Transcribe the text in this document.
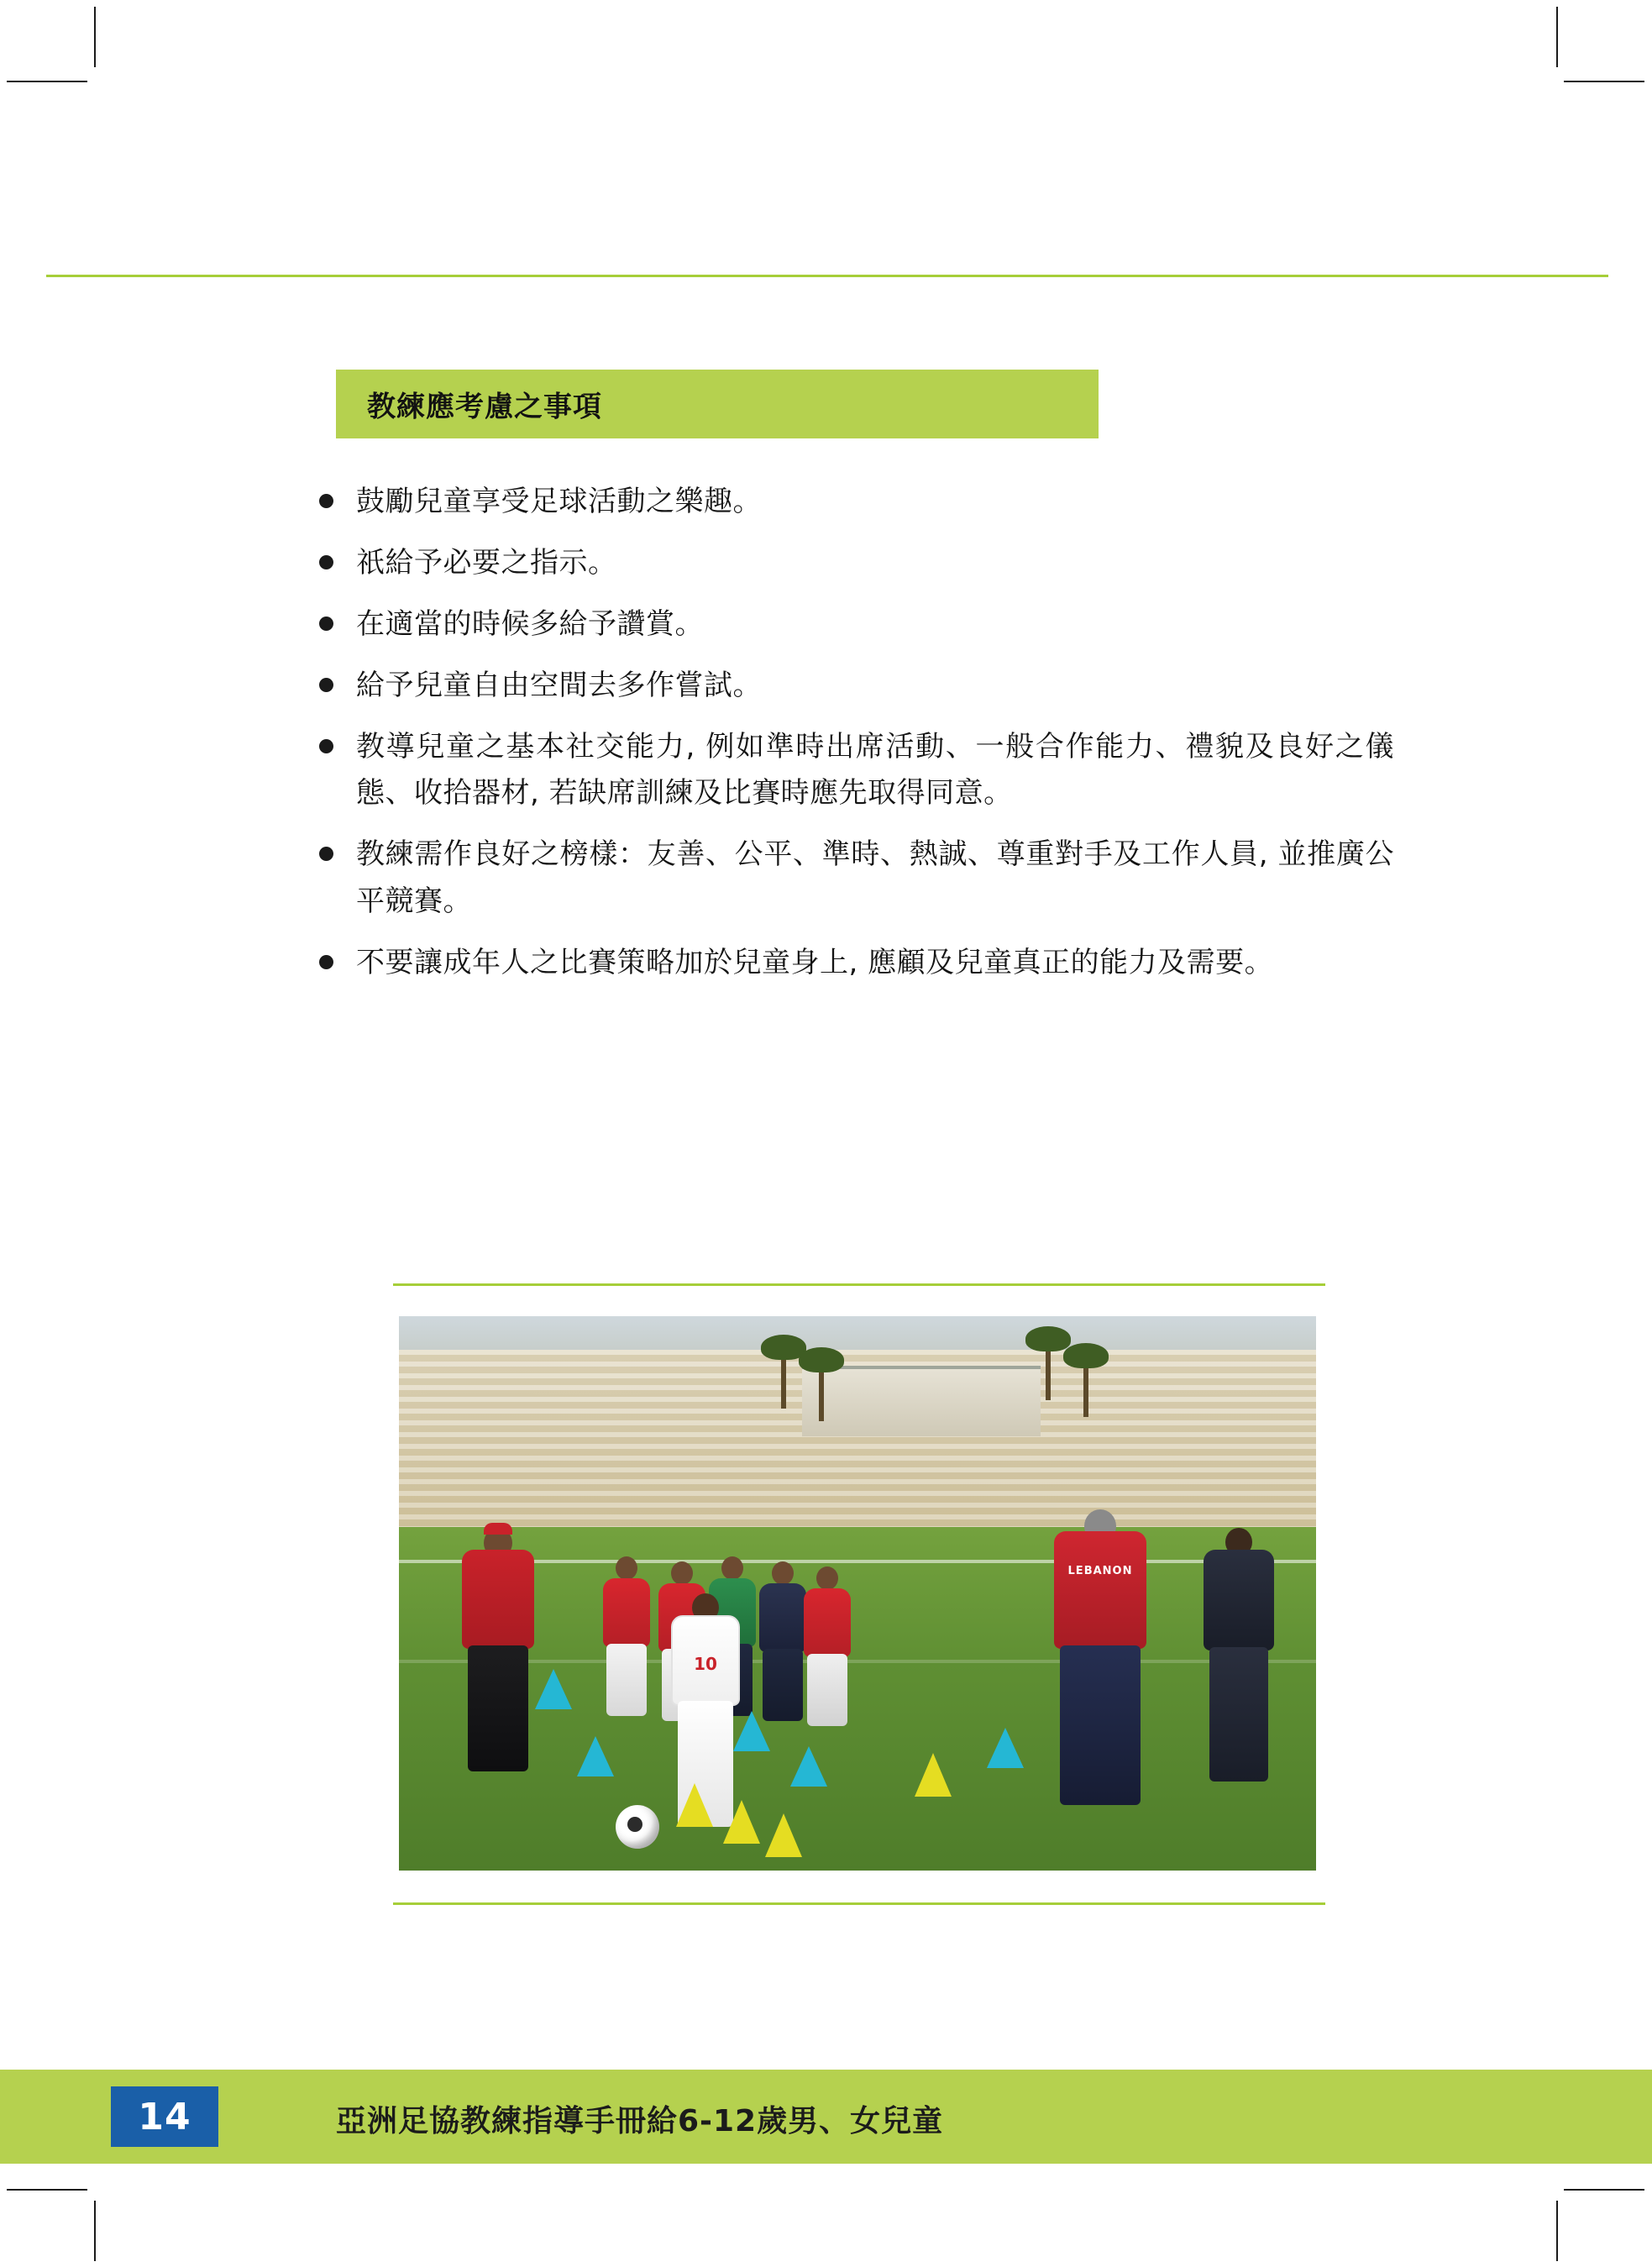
教練應考慮之事項
鼓勵兒童享受足球活動之樂趣。
祇給予必要之指示。
在適當的時候多給予讚賞。
給予兒童自由空間去多作嘗試。
教導兒童之基本社交能力, 例如準時出席活動、一般合作能力、禮貌及良好之儀態、收拾器材, 若缺席訓練及比賽時應先取得同意。
教練需作良好之榜樣：友善、公平、準時、熱誠、尊重對手及工作人員, 並推廣公平競賽。
不要讓成年人之比賽策略加於兒童身上, 應顧及兒童真正的能力及需要。
10
LEBANON
14	亞洲足協教練指導手冊給6-12歲男、女兒童
